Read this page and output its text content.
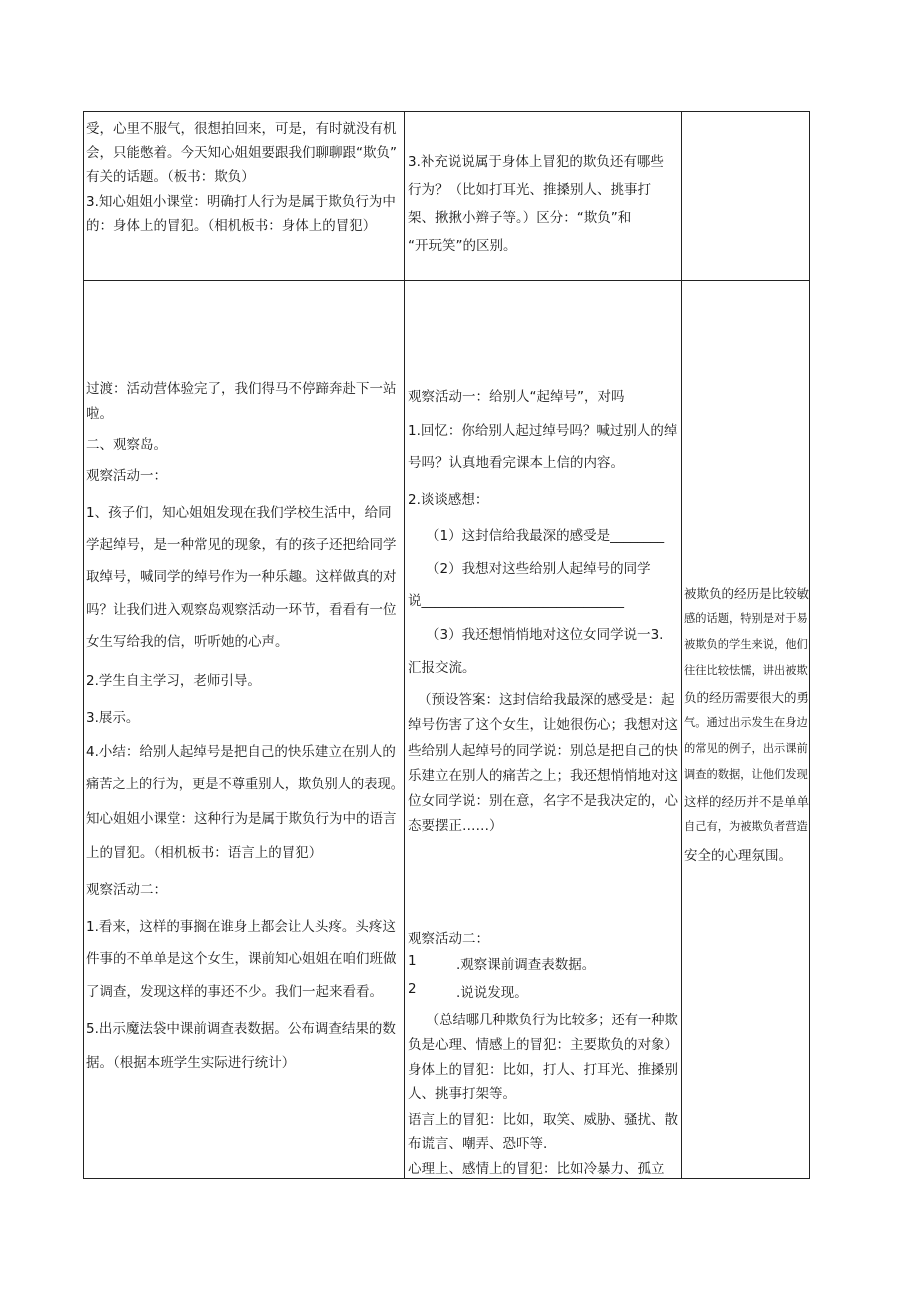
受，心里不服气，很想拍回来，可是，有时就没有机
会，只能憋着。今天知心姐姐要跟我们聊聊跟“欺负”
有关的话题。（板书：欺负）
3.知心姐姐小课堂：明确打人行为是属于欺负行为中
的：身体上的冒犯。（相机板书：身体上的冒犯）
3.补充说说属于身体上冒犯的欺负还有哪些
行为？（比如打耳光、推搡别人、挑事打
架、揪揪小辫子等。）区分：“欺负”和
“开玩笑”的区别。
过渡：活动营体验完了，我们得马不停蹄奔赴下一站
啦。
二、观察岛。
观察活动一：
1、孩子们，知心姐姐发现在我们学校生活中，给同
学起绰号，是一种常见的现象，有的孩子还把给同学
取绰号，喊同学的绰号作为一种乐趣。这样做真的对
吗？让我们进入观察岛观察活动一环节，看看有一位
女生写给我的信，听听她的心声。
2.学生自主学习，老师引导。
3.展示。
4.小结：给别人起绰号是把自己的快乐建立在别人的
痛苦之上的行为，更是不尊重别人，欺负别人的表现。
知心姐姐小课堂：这种行为是属于欺负行为中的语言
上的冒犯。（相机板书：语言上的冒犯）
观察活动二：
1.看来，这样的事搁在谁身上都会让人头疼。头疼这
件事的不单单是这个女生，课前知心姐姐在咱们班做
了调查，发现这样的事还不少。我们一起来看看。
5.出示魔法袋中课前调查表数据。公布调查结果的数
据。（根据本班学生实际进行统计）
观察活动一：给别人“起绰号”，对吗
1.回忆：你给别人起过绰号吗？喊过别人的绰
号吗？认真地看完课本上信的内容。
2.谈谈感想：
（1）这封信给我最深的感受是________
（2）我想对这些给别人起绰号的同学
说______________________________
（3）我还想悄悄地对这位女同学说一3.
汇报交流。
（预设答案：这封信给我最深的感受是：起
绰号伤害了这个女生，让她很伤心；我想对这
些给别人起绰号的同学说：别总是把自己的快
乐建立在别人的痛苦之上；我还想悄悄地对这
位女同学说：别在意，名字不是我决定的，心
态要摆正……）
观察活动二：
1	.观察课前调查表数据。
2	.说说发现。
（总结哪几种欺负行为比较多；还有一种欺
负是心理、情感上的冒犯：主要欺负的对象）
身体上的冒犯：比如，打人、打耳光、推搡别
人、挑事打架等。
语言上的冒犯：比如，取笑、威胁、骚扰、散
布谎言、嘲弄、恐吓等.
心理上、感情上的冒犯：比如冷暴力、孤立
被欺负的经历是比较敏
感的话题，特别是对于易
被欺负的学生来说，他们
往往比较怯懦，讲出被欺
负的经历需要很大的勇
气。通过出示发生在身边
的常见的例子，出示课前
调查的数据，让他们发现
这样的经历并不是单单
自己有，为被欺负者营造
安全的心理氛围。
